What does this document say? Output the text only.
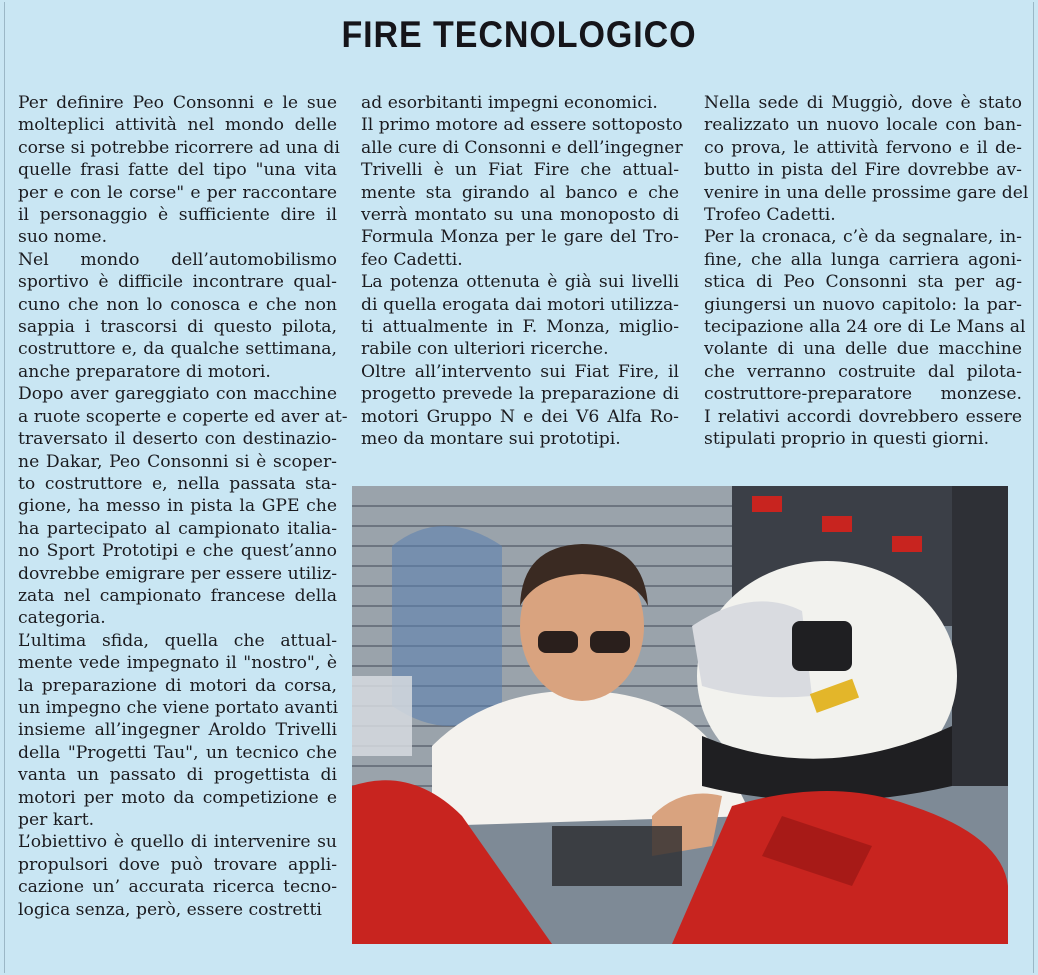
FIRE TECNOLOGICO
Per definire Peo Consonni e le sue
molteplici attività nel mondo delle
corse si potrebbe ricorrere ad una di
quelle frasi fatte del tipo "una vita
per e con le corse" e per raccontare
il personaggio è sufficiente dire il
suo nome.
Nel mondo dell’automobilismo
sportivo è difficile incontrare qual-
cuno che non lo conosca e che non
sappia i trascorsi di questo pilota,
costruttore e, da qualche settimana,
anche preparatore di motori.
Dopo aver gareggiato con macchine
a ruote scoperte e coperte ed aver at-
traversato il deserto con destinazio-
ne Dakar, Peo Consonni si è scoper-
to costruttore e, nella passata sta-
gione, ha messo in pista la GPE che
ha partecipato al campionato italia-
no Sport Prototipi e che quest’anno
dovrebbe emigrare per essere utiliz-
zata nel campionato francese della
categoria.
L’ultima sfida, quella che attual-
mente vede impegnato il "nostro", è
la preparazione di motori da corsa,
un impegno che viene portato avanti
insieme all’ingegner Aroldo Trivelli
della "Progetti Tau", un tecnico che
vanta un passato di progettista di
motori per moto da competizione e
per kart.
L’obiettivo è quello di intervenire su
propulsori dove può trovare appli-
cazione un’ accurata ricerca tecno-
logica senza, però, essere costretti
ad esorbitanti impegni economici.
Il primo motore ad essere sottoposto
alle cure di Consonni e dell’ingegner
Trivelli è un Fiat Fire che attual-
mente sta girando al banco e che
verrà montato su una monoposto di
Formula Monza per le gare del Tro-
feo Cadetti.
La potenza ottenuta è già sui livelli
di quella erogata dai motori utilizza-
ti attualmente in F. Monza, miglio-
rabile con ulteriori ricerche.
Oltre all’intervento sui Fiat Fire, il
progetto prevede la preparazione di
motori Gruppo N e dei V6 Alfa Ro-
meo da montare sui prototipi.
Nella sede di Muggiò, dove è stato
realizzato un nuovo locale con ban-
co prova, le attività fervono e il de-
butto in pista del Fire dovrebbe av-
venire in una delle prossime gare del
Trofeo Cadetti.
Per la cronaca, c’è da segnalare, in-
fine, che alla lunga carriera agoni-
stica di Peo Consonni sta per ag-
giungersi un nuovo capitolo: la par-
tecipazione alla 24 ore di Le Mans al
volante di una delle due macchine
che verranno costruite dal pilota-
costruttore-preparatore monzese.
I relativi accordi dovrebbero essere
stipulati proprio in questi giorni.
